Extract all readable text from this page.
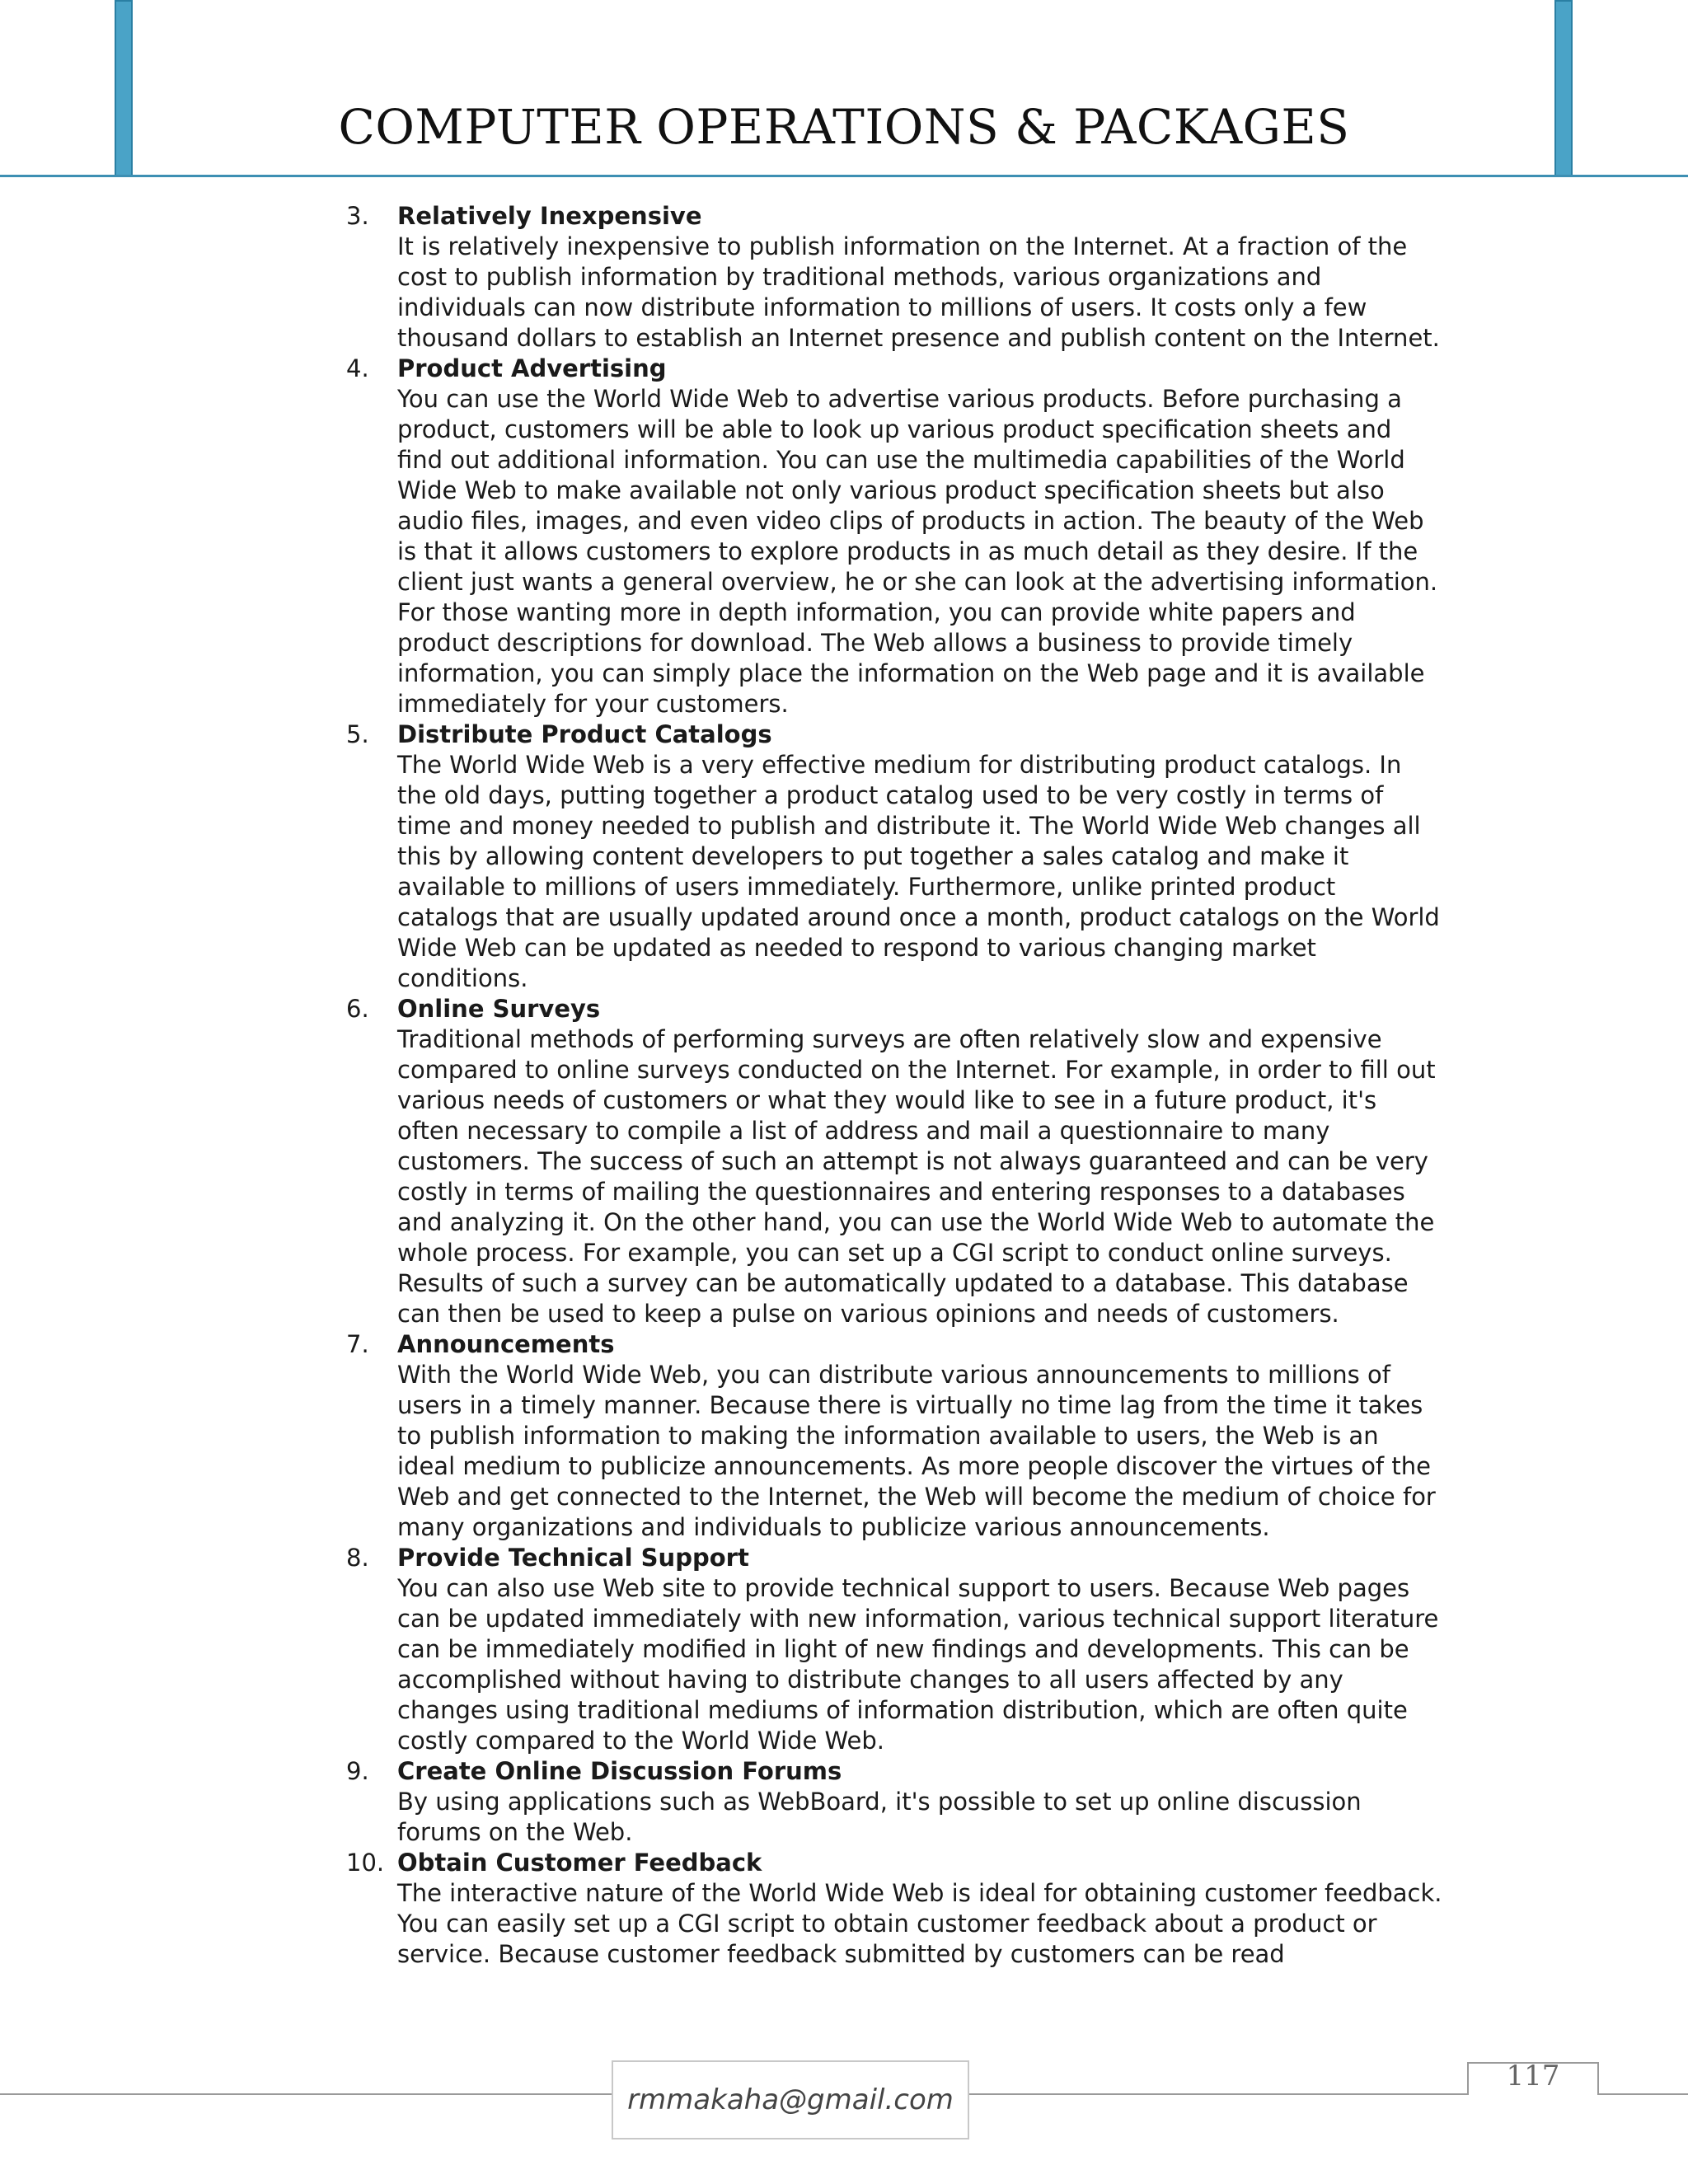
COMPUTER OPERATIONS & PACKAGES
3. Relatively Inexpensive
It is relatively inexpensive to publish information on the Internet. At a fraction of the cost to publish information by traditional methods, various organizations and individuals can now distribute information to millions of users. It costs only a few thousand dollars to establish an Internet presence and publish content on the Internet.
4. Product Advertising
You can use the World Wide Web to advertise various products. Before purchasing a product, customers will be able to look up various product specification sheets and find out additional information. You can use the multimedia capabilities of the World Wide Web to make available not only various product specification sheets but also audio files, images, and even video clips of products in action. The beauty of the Web is that it allows customers to explore products in as much detail as they desire. If the client just wants a general overview, he or she can look at the advertising information. For those wanting more in depth information, you can provide white papers and product descriptions for download. The Web allows a business to provide timely information, you can simply place the information on the Web page and it is available immediately for your customers.
5. Distribute Product Catalogs
The World Wide Web is a very effective medium for distributing product catalogs. In the old days, putting together a product catalog used to be very costly in terms of time and money needed to publish and distribute it. The World Wide Web changes all this by allowing content developers to put together a sales catalog and make it available to millions of users immediately. Furthermore, unlike printed product catalogs that are usually updated around once a month, product catalogs on the World Wide Web can be updated as needed to respond to various changing market conditions.
6. Online Surveys
Traditional methods of performing surveys are often relatively slow and expensive compared to online surveys conducted on the Internet. For example, in order to fill out various needs of customers or what they would like to see in a future product, it's often necessary to compile a list of address and mail a questionnaire to many customers. The success of such an attempt is not always guaranteed and can be very costly in terms of mailing the questionnaires and entering responses to a databases and analyzing it. On the other hand, you can use the World Wide Web to automate the whole process. For example, you can set up a CGI script to conduct online surveys. Results of such a survey can be automatically updated to a database. This database can then be used to keep a pulse on various opinions and needs of customers.
7. Announcements
With the World Wide Web, you can distribute various announcements to millions of users in a timely manner. Because there is virtually no time lag from the time it takes to publish information to making the information available to users, the Web is an ideal medium to publicize announcements. As more people discover the virtues of the Web and get connected to the Internet, the Web will become the medium of choice for many organizations and individuals to publicize various announcements.
8. Provide Technical Support
You can also use Web site to provide technical support to users. Because Web pages can be updated immediately with new information, various technical support literature can be immediately modified in light of new findings and developments. This can be accomplished without having to distribute changes to all users affected by any changes using traditional mediums of information distribution, which are often quite costly compared to the World Wide Web.
9. Create Online Discussion Forums
By using applications such as WebBoard, it's possible to set up online discussion forums on the Web.
10. Obtain Customer Feedback
The interactive nature of the World Wide Web is ideal for obtaining customer feedback. You can easily set up a CGI script to obtain customer feedback about a product or service. Because customer feedback submitted by customers can be read
rmmakaha@gmail.com
117
